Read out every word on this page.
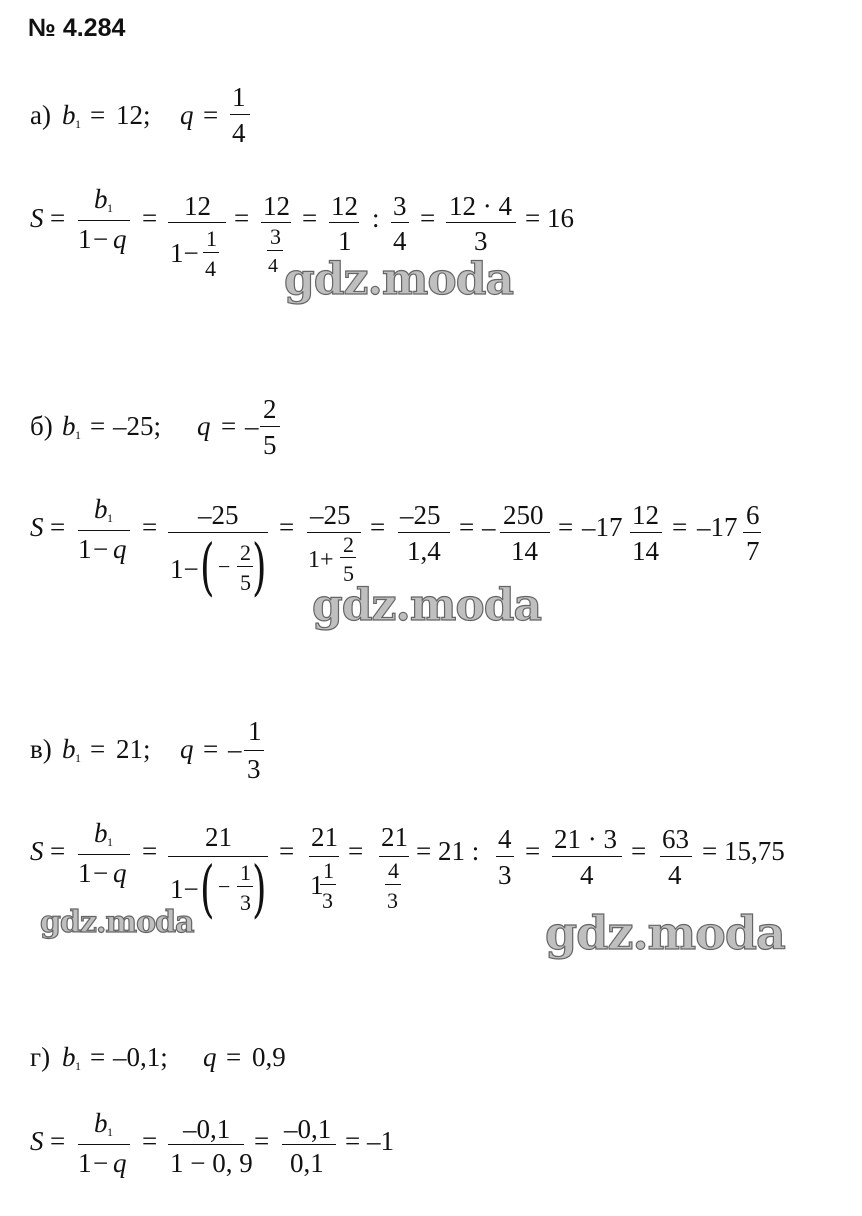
№ 4.284
а) b 1 = 12; q =
1
4
S =
b 1
1 − q
= 12
1− 1
4
= 12
3
4
= 12
1
: 3
4
= 12 · 4
3
= 16
gdz.moda
б) b 1 = –25; q = –
2
5
S =
b 1
1 − q
= –25
1− ( −
2
5 )
= –25
1+
2
5
= –25
1,4
= – 250
14
= –17 12
14
= –17 6
7
gdz.moda
в) b 1 = 21; q = –
1
3
S =
b 1
1 − q
= 21
1− ( −
1
3 )
= 21
1 1
3
= 21
4
3
= 21 : 4
3
= 21 · 3
4
= 63
4
= 15,75
gdz.moda	gdz.moda
г) b 1 = –0,1; q = 0,9
S =
b 1
1 − q
= –0,1
1 − 0, 9
= –0,1
0,1
= –1
